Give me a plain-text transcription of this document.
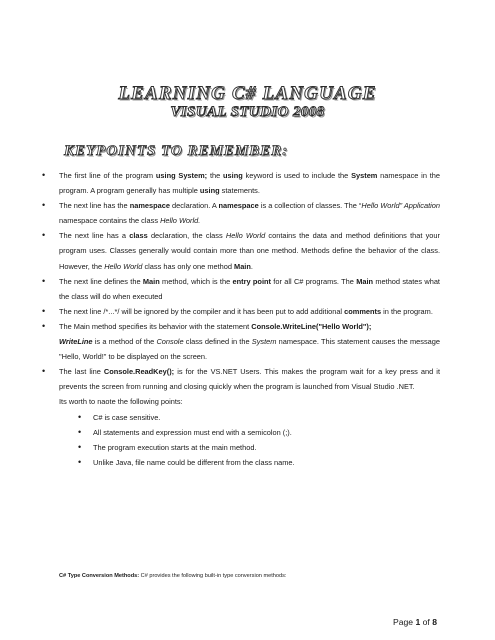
LEARNING C# LANGUAGE
VISUAL STUDIO 2008
KEYPOINTS TO REMEMBER:
• The first line of the program using System; the using keyword is used to include the System namespace in the program. A program generally has multiple using statements.
• The next line has the namespace declaration. A namespace is a collection of classes. The “Hello World” Application namespace contains the class Hello World.
• The next line has a class declaration, the class Hello World contains the data and method definitions that your program uses. Classes generally would contain more than one method. Methods define the behavior of the class. However, the Hello World class has only one method Main.
• The next line defines the Main method, which is the entry point for all C# programs. The Main method states what the class will do when executed
• The next line /*...*/ will be ignored by the compiler and it has been put to add additional comments in the program.
• The Main method specifies its behavior with the statement Console.WriteLine("Hello World");
WriteLine is a method of the Console class defined in the System namespace. This statement causes the message "Hello, World!" to be displayed on the screen.
• The last line Console.ReadKey(); is for the VS.NET Users. This makes the program wait for a key press and it prevents the screen from running and closing quickly when the program is launched from Visual Studio .NET.
Its worth to naote the following points:
• C# is case sensitive.
• All statements and expression must end with a semicolon (;).
• The program execution starts at the main method.
• Unlike Java, file name could be different from the class name.
C# Type Conversion Methods: C# provides the following built-in type conversion methods:
Page 1 of 8
